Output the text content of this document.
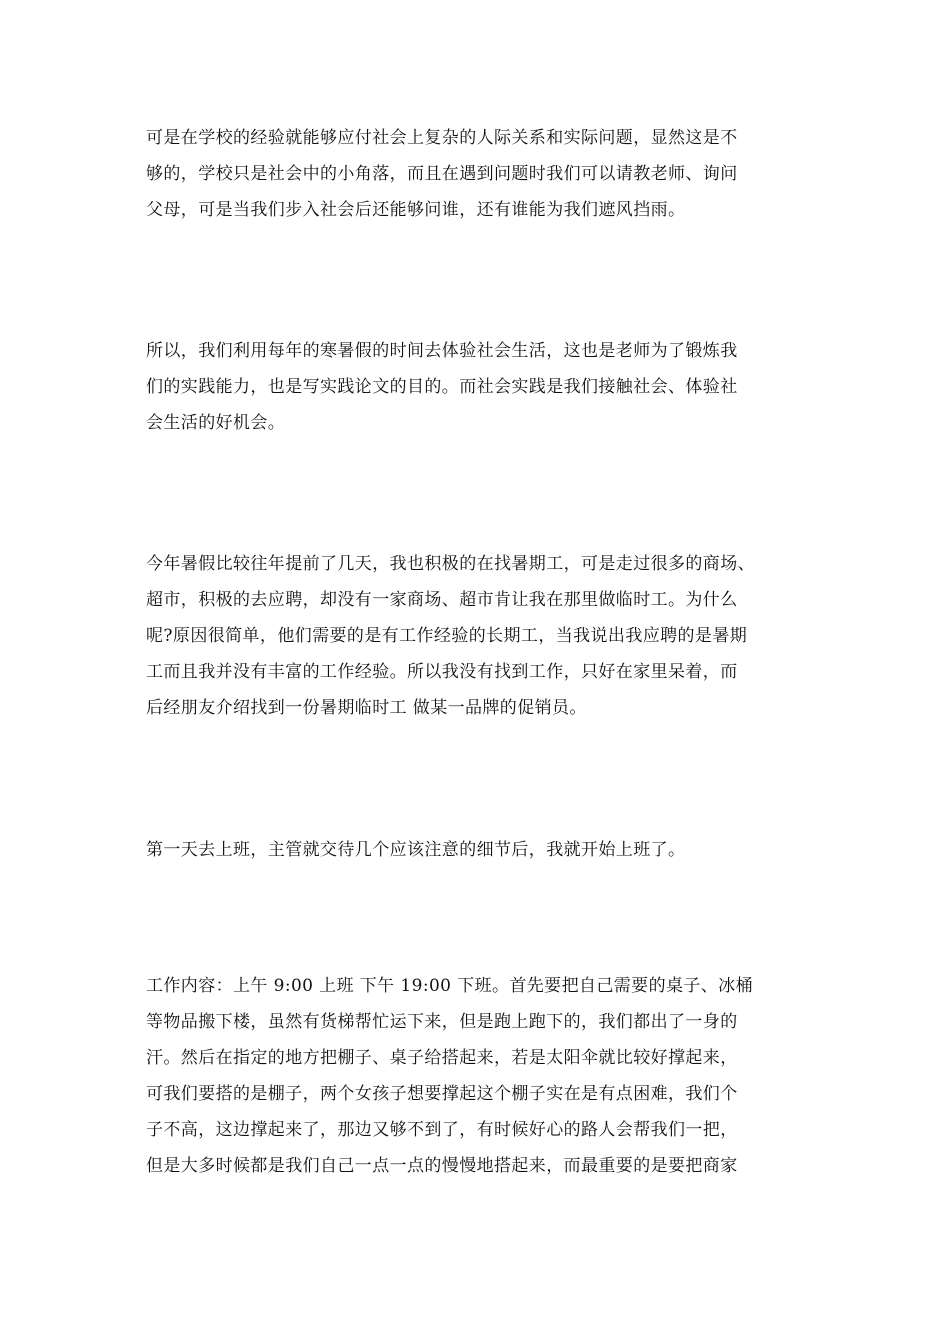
可是在学校的经验就能够应付社会上复杂的人际关系和实际问题，显然这是不
够的，学校只是社会中的小角落，而且在遇到问题时我们可以请教老师、询问
父母，可是当我们步入社会后还能够问谁，还有谁能为我们遮风挡雨。
所以，我们利用每年的寒暑假的时间去体验社会生活，这也是老师为了锻炼我
们的实践能力，也是写实践论文的目的。而社会实践是我们接触社会、体验社
会生活的好机会。
今年暑假比较往年提前了几天，我也积极的在找暑期工，可是走过很多的商场、
超市，积极的去应聘，却没有一家商场、超市肯让我在那里做临时工。为什么
呢?原因很简单，他们需要的是有工作经验的长期工，当我说出我应聘的是暑期
工而且我并没有丰富的工作经验。所以我没有找到工作，只好在家里呆着，而
后经朋友介绍找到一份暑期临时工 做某一品牌的促销员。
第一天去上班，主管就交待几个应该注意的细节后，我就开始上班了。
工作内容：上午 9:00 上班 下午 19:00 下班。首先要把自己需要的桌子、冰桶
等物品搬下楼，虽然有货梯帮忙运下来，但是跑上跑下的，我们都出了一身的
汗。然后在指定的地方把棚子、桌子给搭起来，若是太阳伞就比较好撑起来，
可我们要搭的是棚子，两个女孩子想要撑起这个棚子实在是有点困难，我们个
子不高，这边撑起来了，那边又够不到了，有时候好心的路人会帮我们一把，
但是大多时候都是我们自己一点一点的慢慢地搭起来，而最重要的是要把商家
